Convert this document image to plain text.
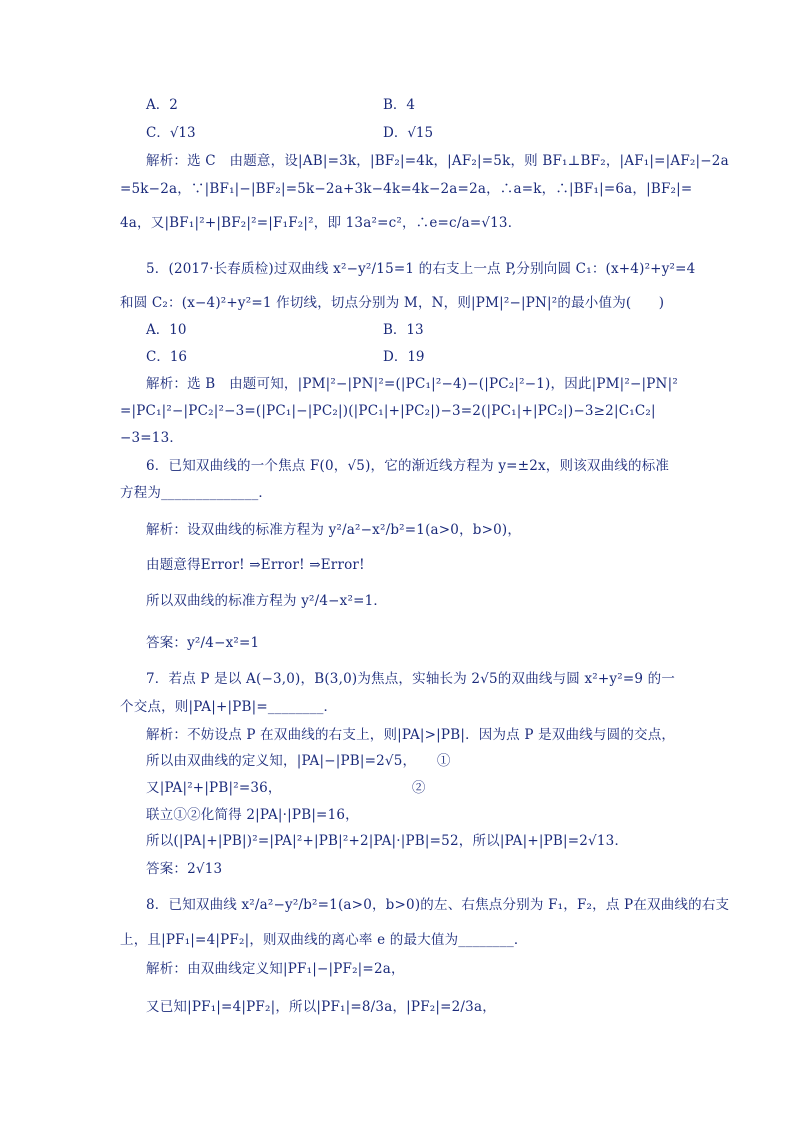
A．2	B．4
C．√13	D．√15
解析：选 C　由题意，设|AB|=3k，|BF₂|=4k，|AF₂|=5k，则 BF₁⊥BF₂，|AF₁|=|AF₂|−2a
=5k−2a，∵|BF₁|−|BF₂|=5k−2a+3k−4k=4k−2a=2a，∴a=k，∴|BF₁|=6a，|BF₂|=
4a，又|BF₁|²+|BF₂|²=|F₁F₂|²，即 13a²=c²，∴e=c/a=√13．
5．(2017·长春质检)过双曲线 x²−y²/15=1 的右支上一点 P,分别向圆 C₁：(x+4)²+y²=4
和圆 C₂：(x−4)²+y²=1 作切线，切点分别为 M，N，则|PM|²−|PN|²的最小值为(　　)
A．10	B．13
C．16	D．19
解析：选 B　由题可知，|PM|²−|PN|²=(|PC₁|²−4)−(|PC₂|²−1)，因此|PM|²−|PN|²
=|PC₁|²−|PC₂|²−3=(|PC₁|−|PC₂|)(|PC₁|+|PC₂|)−3=2(|PC₁|+|PC₂|)−3≥2|C₁C₂|
−3=13．
6．已知双曲线的一个焦点 F(0，√5)，它的渐近线方程为 y=±2x，则该双曲线的标准
方程为______________．
解析：设双曲线的标准方程为 y²/a²−x²/b²=1(a>0，b>0)，
由题意得Error! ⇒Error! ⇒Error!
所以双曲线的标准方程为 y²/4−x²=1．
答案：y²/4−x²=1
7．若点 P 是以 A(−3,0)，B(3,0)为焦点，实轴长为 2√5的双曲线与圆 x²+y²=9 的一
个交点，则|PA|+|PB|=________．
解析：不妨设点 P 在双曲线的右支上，则|PA|>|PB|．因为点 P 是双曲线与圆的交点，
所以由双曲线的定义知，|PA|−|PB|=2√5，　　①
又|PA|²+|PB|²=36，　　　　　　　　　　②
联立①②化简得 2|PA|·|PB|=16，
所以(|PA|+|PB|)²=|PA|²+|PB|²+2|PA|·|PB|=52，所以|PA|+|PB|=2√13．
答案：2√13
8．已知双曲线 x²/a²−y²/b²=1(a>0，b>0)的左、右焦点分别为 F₁，F₂，点 P在双曲线的右支
上，且|PF₁|=4|PF₂|，则双曲线的离心率 e 的最大值为________．
解析：由双曲线定义知|PF₁|−|PF₂|=2a，
又已知|PF₁|=4|PF₂|，所以|PF₁|=8/3a，|PF₂|=2/3a，
